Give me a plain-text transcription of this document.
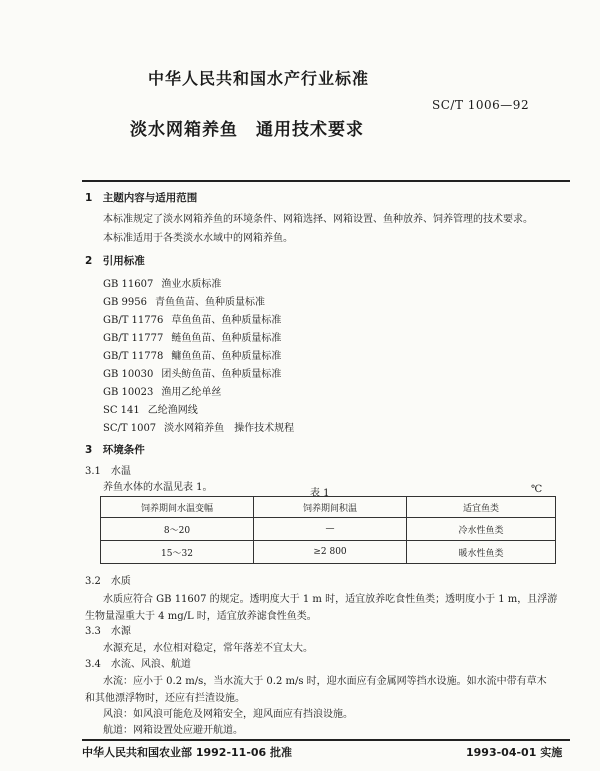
中华人民共和国水产行业标准
SC/T 1006—92
淡水网箱养鱼　通用技术要求
1　主题内容与适用范围
本标准规定了淡水网箱养鱼的环境条件、网箱选择、网箱设置、鱼种放养、饲养管理的技术要求。
本标准适用于各类淡水水域中的网箱养鱼。
2　引用标准
GB 11607 渔业水质标准
GB 9956 青鱼鱼苗、鱼种质量标准
GB/T 11776 草鱼鱼苗、鱼种质量标准
GB/T 11777 鲢鱼鱼苗、鱼种质量标准
GB/T 11778 鳙鱼鱼苗、鱼种质量标准
GB 10030 团头鲂鱼苗、鱼种质量标准
GB 10023 渔用乙纶单丝
SC 141 乙纶渔网线
SC/T 1007 淡水网箱养鱼　操作技术规程
3　环境条件
3.1　水温
养鱼水体的水温见表 1。
表 1	℃
饲养期间水温变幅	饲养期间积温	适宜鱼类
8～20	—	冷水性鱼类
15～32	≥2 800	暖水性鱼类
3.2　水质
水质应符合 GB 11607 的规定。透明度大于 1 m 时，适宜放养吃食性鱼类；透明度小于 1 m，且浮游
生物量湿重大于 4 mg/L 时，适宜放养滤食性鱼类。
3.3　水源
水源充足，水位相对稳定，常年落差不宜太大。
3.4　水流、风浪、航道
水流：应小于 0.2 m/s，当水流大于 0.2 m/s 时，迎水面应有金属网等挡水设施。如水流中带有草木
和其他漂浮物时，还应有拦渣设施。
风浪：如风浪可能危及网箱安全，迎风面应有挡浪设施。
航道：网箱设置处应避开航道。
中华人民共和国农业部 1992-11-06 批准	1993-04-01 实施
